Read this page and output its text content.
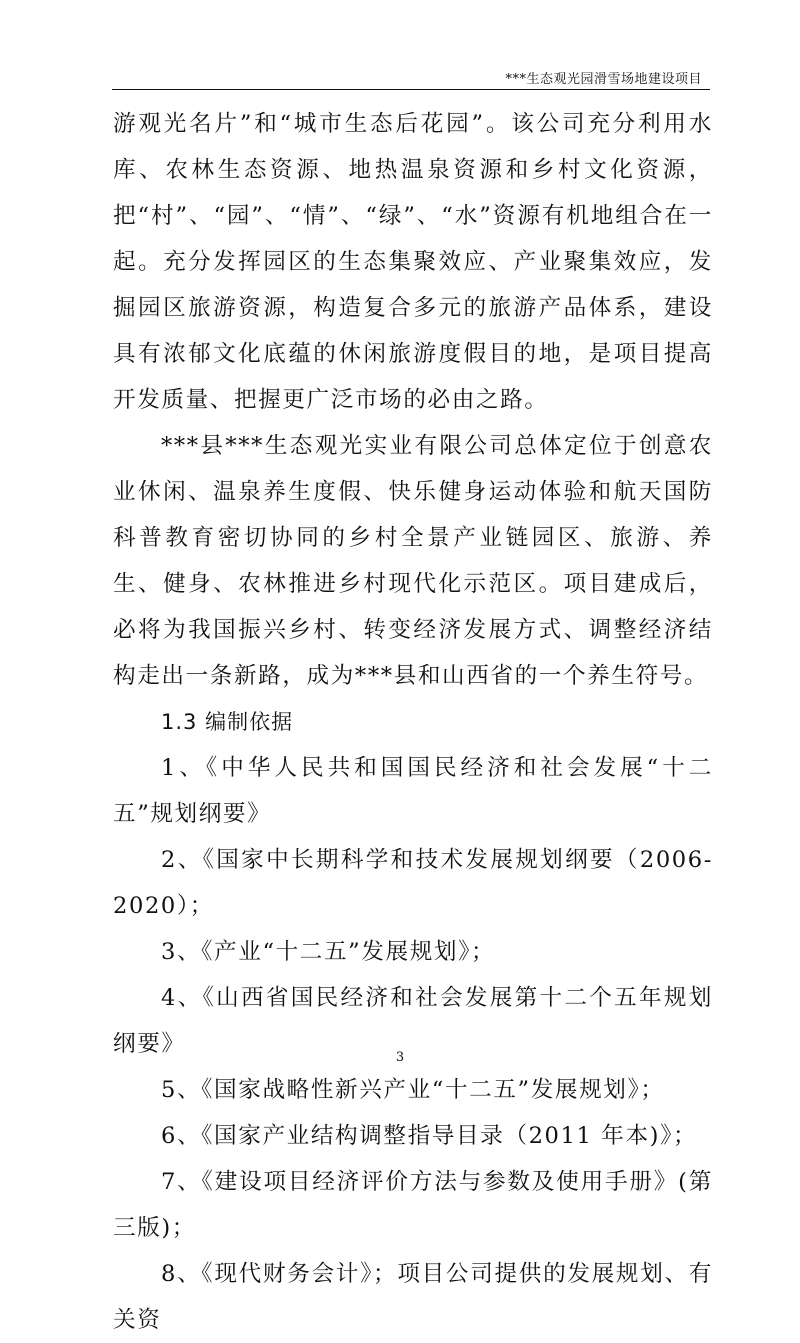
***生态观光园滑雪场地建设项目

游观光名片”和“城市生态后花园”。该公司充分利用水库、农林生态资源、地热温泉资源和乡村文化资源，把“村”、“园”、“情”、“绿”、“水”资源有机地组合在一起。充分发挥园区的生态集聚效应、产业聚集效应，发掘园区旅游资源，构造复合多元的旅游产品体系，建设具有浓郁文化底蕴的休闲旅游度假目的地，是项目提高开发质量、把握更广泛市场的必由之路。

***县***生态观光实业有限公司总体定位于创意农业休闲、温泉养生度假、快乐健身运动体验和航天国防科普教育密切协同的乡村全景产业链园区、旅游、养生、健身、农林推进乡村现代化示范区。项目建成后，必将为我国振兴乡村、转变经济发展方式、调整经济结构走出一条新路，成为***县和山西省的一个养生符号。

1.3 编制依据

1、《中华人民共和国国民经济和社会发展“十二五”规划纲要》

2、《国家中长期科学和技术发展规划纲要（2006-2020）；

3、《产业“十二五”发展规划》；

4、《山西省国民经济和社会发展第十二个五年规划纲要》

5、《国家战略性新兴产业“十二五”发展规划》；

6、《国家产业结构调整指导目录（2011 年本)》；

7、《建设项目经济评价方法与参数及使用手册》(第三版)；

8、《现代财务会计》；项目公司提供的发展规划、有关资

3
